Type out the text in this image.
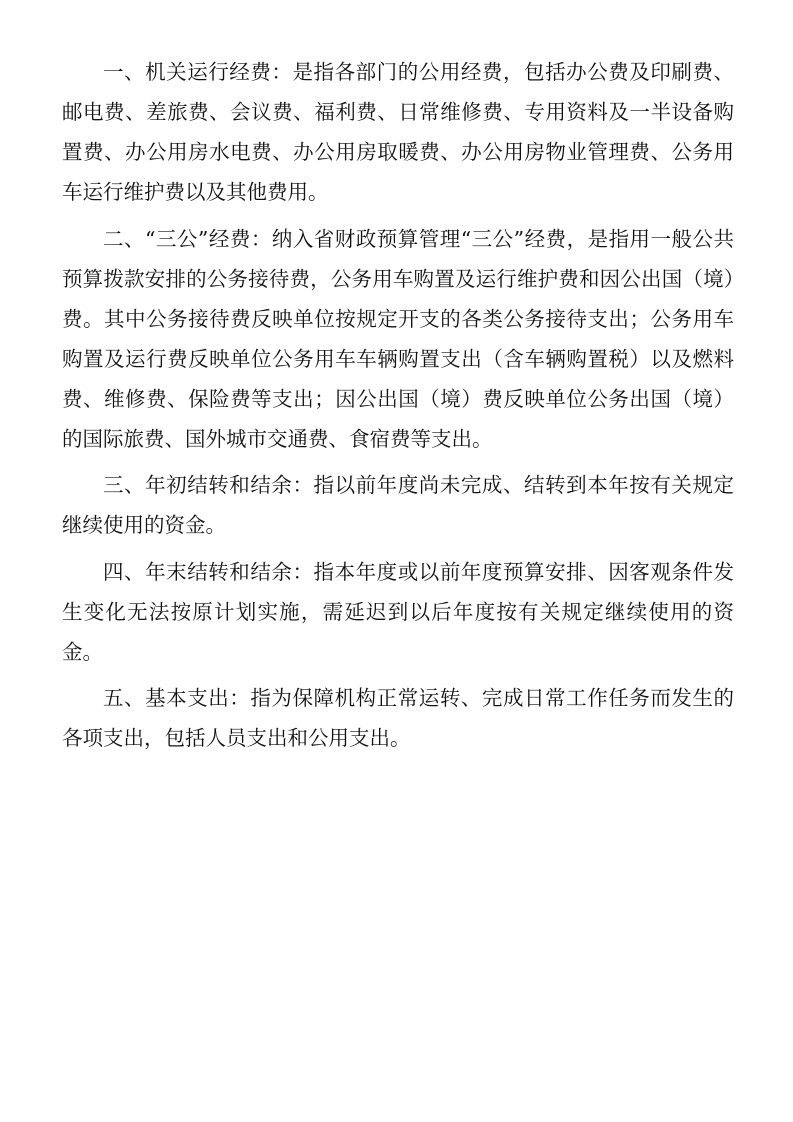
一、机关运行经费：是指各部门的公用经费，包括办公费及印刷费、邮电费、差旅费、会议费、福利费、日常维修费、专用资料及一半设备购置费、办公用房水电费、办公用房取暖费、办公用房物业管理费、公务用车运行维护费以及其他费用。

二、“三公”经费：纳入省财政预算管理“三公”经费，是指用一般公共预算拨款安排的公务接待费，公务用车购置及运行维护费和因公出国（境）费。其中公务接待费反映单位按规定开支的各类公务接待支出；公务用车购置及运行费反映单位公务用车车辆购置支出（含车辆购置税）以及燃料费、维修费、保险费等支出；因公出国（境）费反映单位公务出国（境）的国际旅费、国外城市交通费、食宿费等支出。

三、年初结转和结余：指以前年度尚未完成、结转到本年按有关规定继续使用的资金。

四、年末结转和结余：指本年度或以前年度预算安排、因客观条件发生变化无法按原计划实施，需延迟到以后年度按有关规定继续使用的资金。

五、基本支出：指为保障机构正常运转、完成日常工作任务而发生的各项支出，包括人员支出和公用支出。
